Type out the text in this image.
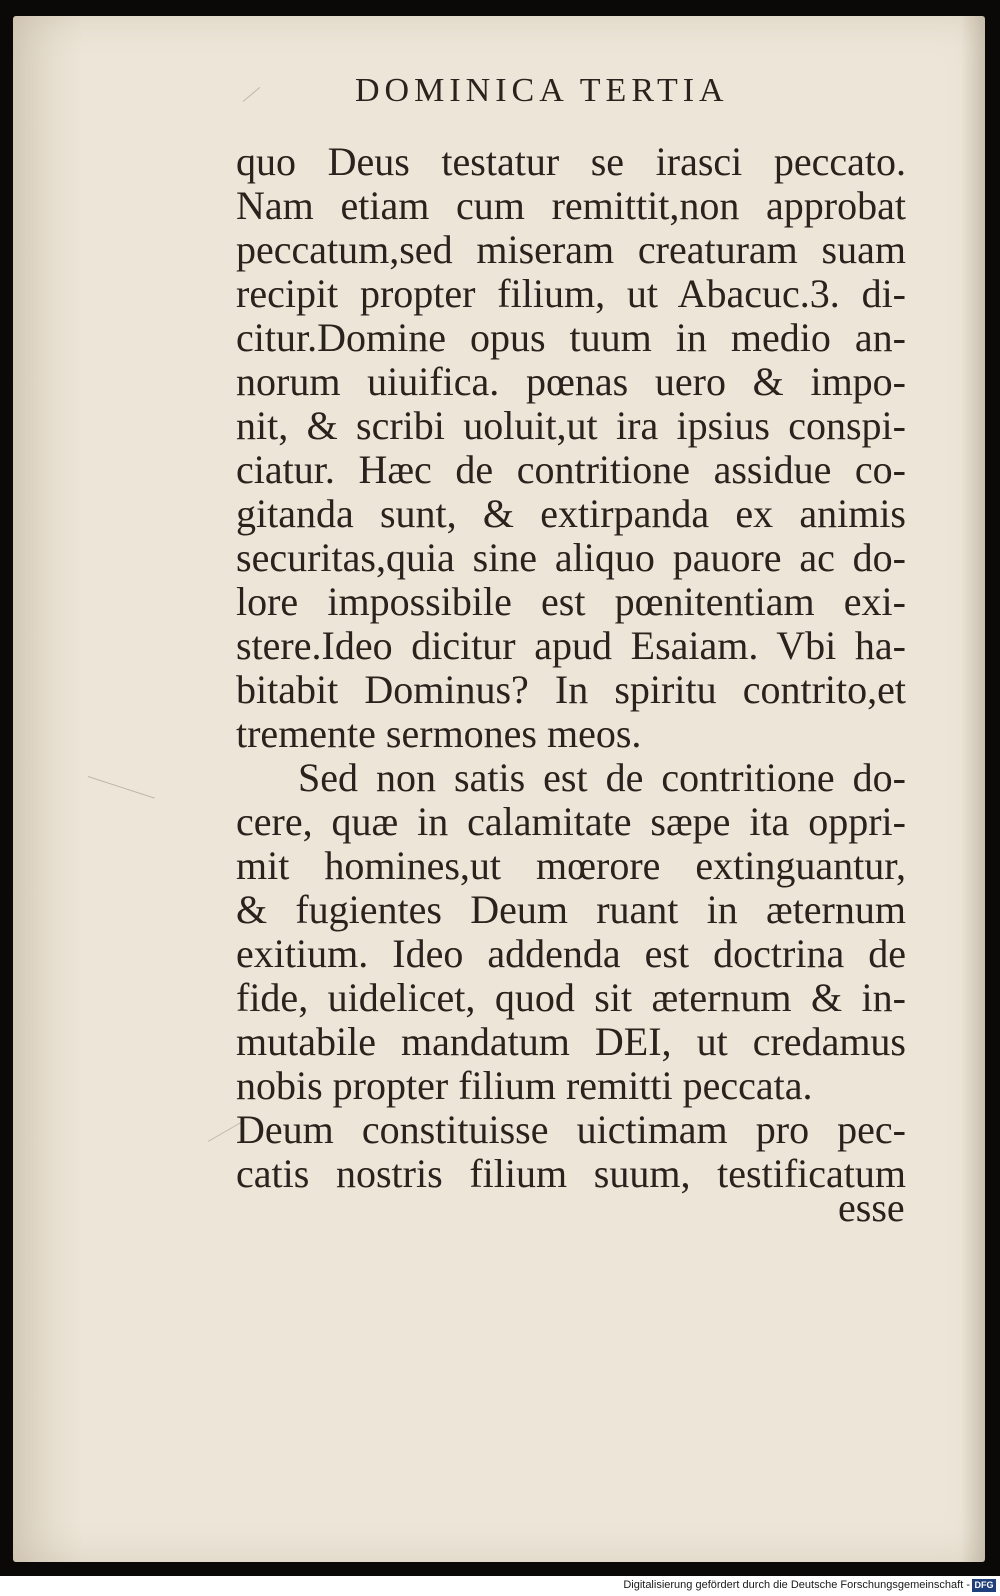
DOMINICA TERTIA
quo Deus testatur se irasci peccato.
Nam etiam cum remittit,non approbat
peccatum,sed miseram creaturam suam
recipit propter filium, ut Abacuc.3. di-
citur.Domine opus tuum in medio an-
norum uiuifica. pœnas uero & impo-
nit, & scribi uoluit,ut ira ipsius conspi-
ciatur. Hæc de contritione assidue co-
gitanda sunt, & extirpanda ex animis
securitas,quia sine aliquo pauore ac do-
lore impossibile est pœnitentiam exi-
stere.Ideo dicitur apud Esaiam. Vbi ha-
bitabit Dominus? In spiritu contrito,et
tremente sermones meos.
Sed non satis est de contritione do-
cere, quæ in calamitate sæpe ita oppri-
mit homines,ut mœrore extinguantur,
& fugientes Deum ruant in æternum
exitium. Ideo addenda est doctrina de
fide, uidelicet, quod sit æternum & in-
mutabile mandatum DEI, ut credamus
nobis propter filium remitti peccata.
Deum constituisse uictimam pro pec-
catis nostris filium suum, testificatum
esse
Digitalisierung gefördert durch die Deutsche Forschungsgemeinschaft - DFG
